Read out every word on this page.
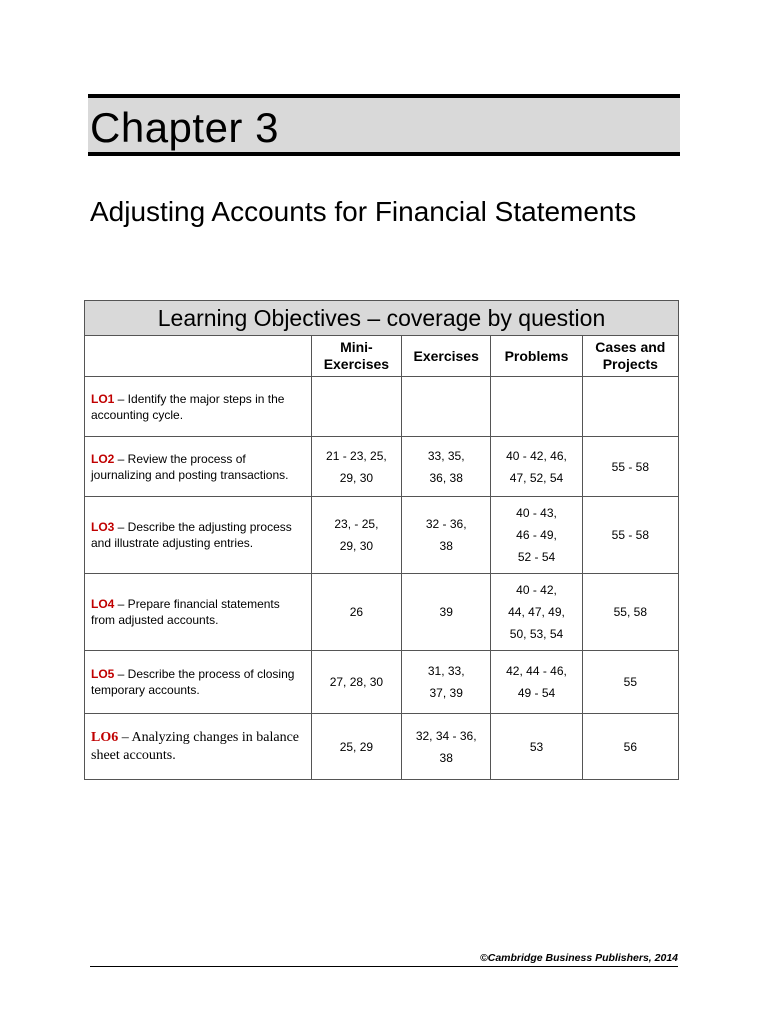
Chapter 3
Adjusting Accounts for Financial Statements
Learning Objectives – coverage by question				
	Mini-
Exercises	Exercises	Problems	Cases and
Projects
LO1 – Identify the major steps in the accounting cycle.				
LO2 – Review the process of journalizing and posting transactions.	21 - 23, 25,
29, 30	33, 35,
36, 38	40 - 42, 46,
47, 52, 54	55 - 58
LO3 – Describe the adjusting process and illustrate adjusting entries.	23, - 25,
29, 30	32 - 36,
38	40 - 43,
46 - 49,
52 - 54	55 - 58
LO4 – Prepare financial statements from adjusted accounts.	26	39	40 - 42,
44, 47, 49,
50, 53, 54	55, 58
LO5 – Describe the process of closing temporary accounts.	27, 28, 30	31, 33,
37, 39	42, 44 - 46,
49 - 54	55
LO6 – Analyzing changes in balance sheet accounts.	25, 29	32, 34 - 36,
38	53	56
©Cambridge Business Publishers, 2014
